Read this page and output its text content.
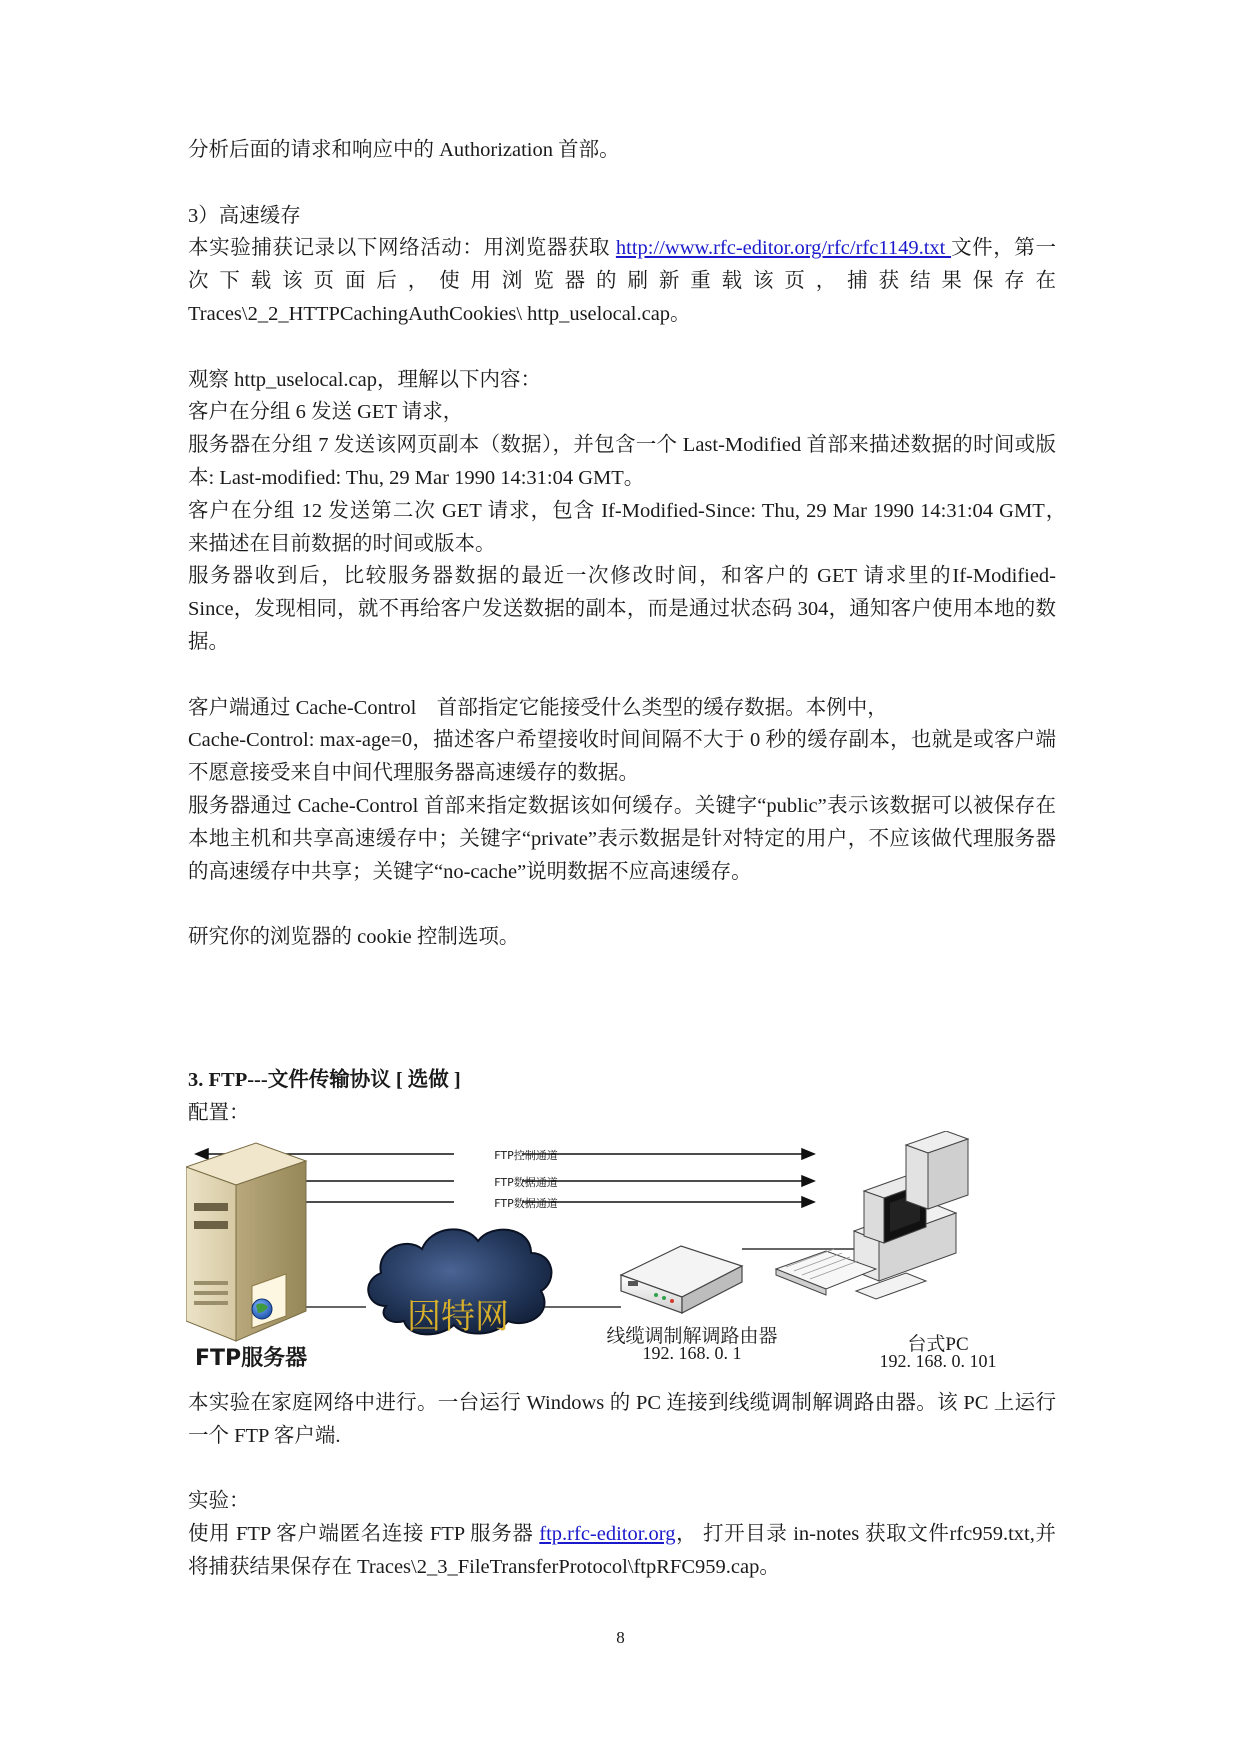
分析后面的请求和响应中的 Authorization 首部。

3）高速缓存

本实验捕获记录以下网络活动：用浏览器获取 http://www.rfc-editor.org/rfc/rfc1149.txt 文件，第一次下载该页面后，使用浏览器的刷新重载该页，捕获结果保存在Traces\2_2_HTTPCachingAuthCookies\ http_uselocal.cap。

观察 http_uselocal.cap，理解以下内容：

客户在分组 6 发送 GET 请求，

服务器在分组 7 发送该网页副本（数据），并包含一个 Last-Modified 首部来描述数据的时间或版本: Last-modified: Thu, 29 Mar 1990 14:31:04 GMT。

客户在分组 12 发送第二次 GET 请求，包含 If-Modified-Since: Thu, 29 Mar 1990 14:31:04 GMT，　来描述在目前数据的时间或版本。

服务器收到后，比较服务器数据的最近一次修改时间，和客户的 GET 请求里的If-Modified-Since，发现相同，就不再给客户发送数据的副本，而是通过状态码 304，通知客户使用本地的数据。

客户端通过 Cache-Control　首部指定它能接受什么类型的缓存数据。本例中，

Cache-Control: max-age=0，描述客户希望接收时间间隔不大于 0 秒的缓存副本，也就是或客户端不愿意接受来自中间代理服务器高速缓存的数据。

服务器通过 Cache-Control 首部来指定数据该如何缓存。关键字“public”表示该数据可以被保存在本地主机和共享高速缓存中；关键字“private”表示数据是针对特定的用户，不应该做代理服务器的高速缓存中共享；关键字“no-cache”说明数据不应高速缓存。

研究你的浏览器的 cookie 控制选项。

3. FTP---文件传输协议 [ 选做 ]

配置：

FTP控制通道
FTP数据通道
FTP数据通道
因特网
线缆调制解调路由器
192. 168. 0. 1	台式PC
192. 168. 0. 101
FTP服务器

本实验在家庭网络中进行。一台运行 Windows 的 PC 连接到线缆调制解调路由器。该 PC 上运行一个 FTP 客户端.

实验：

使用 FTP 客户端匿名连接 FTP 服务器 ftp.rfc-editor.org， 打开目录 in-notes 获取文件rfc959.txt,并将捕获结果保存在 Traces\2_3_FileTransferProtocol\ftpRFC959.cap。

8
